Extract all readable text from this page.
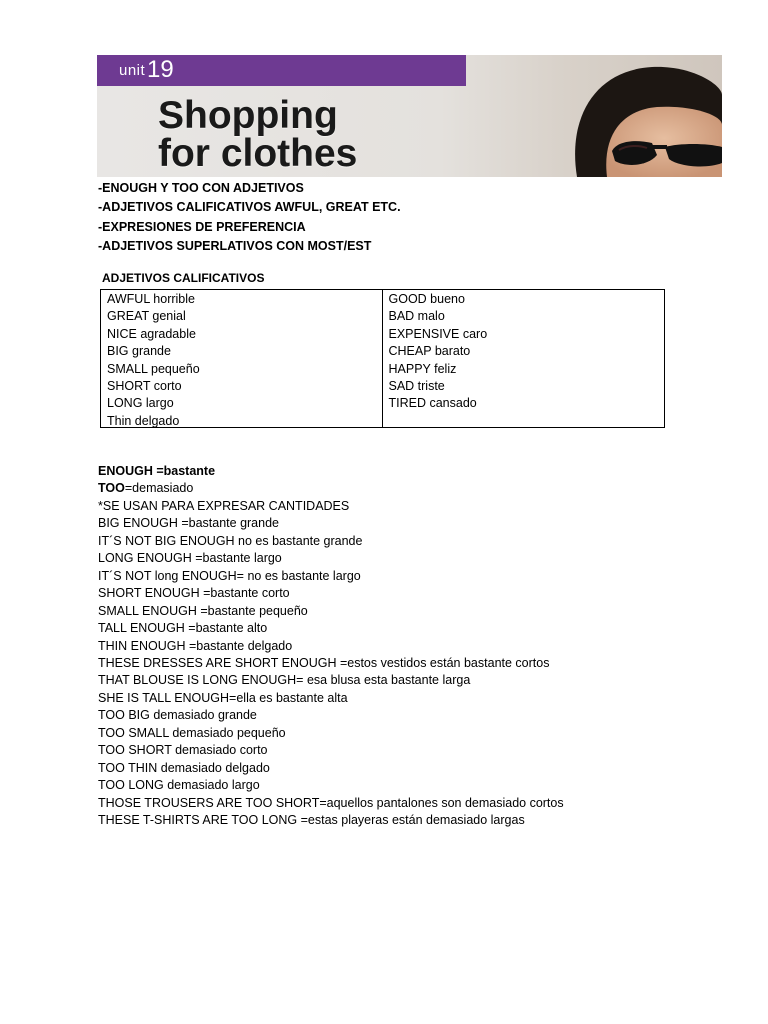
unit 19
Shopping
for clothes
-ENOUGH Y TOO CON ADJETIVOS
-ADJETIVOS CALIFICATIVOS AWFUL, GREAT ETC.
-EXPRESIONES DE PREFERENCIA
-ADJETIVOS SUPERLATIVOS CON MOST/EST
ADJETIVOS CALIFICATIVOS
AWFUL horrible
GREAT genial
NICE agradable
BIG grande
SMALL pequeño
SHORT corto
LONG largo
Thin delgado
GOOD bueno
BAD malo
EXPENSIVE caro
CHEAP barato
HAPPY feliz
SAD triste
TIRED cansado
ENOUGH =bastante
TOO=demasiado
*SE USAN PARA EXPRESAR CANTIDADES
BIG ENOUGH =bastante grande
IT´S NOT BIG ENOUGH no es bastante grande
LONG ENOUGH =bastante largo
IT´S NOT long ENOUGH= no es bastante largo
SHORT ENOUGH =bastante corto
SMALL ENOUGH =bastante pequeño
TALL ENOUGH =bastante alto
THIN ENOUGH =bastante delgado
THESE DRESSES ARE SHORT ENOUGH =estos vestidos están bastante cortos
THAT BLOUSE IS LONG ENOUGH= esa blusa esta bastante larga
SHE IS TALL ENOUGH=ella es bastante alta
TOO BIG demasiado grande
TOO SMALL demasiado pequeño
TOO SHORT demasiado corto
TOO THIN demasiado delgado
TOO LONG demasiado largo
THOSE TROUSERS ARE TOO SHORT=aquellos pantalones son demasiado cortos
THESE T-SHIRTS ARE TOO LONG =estas playeras están demasiado largas
